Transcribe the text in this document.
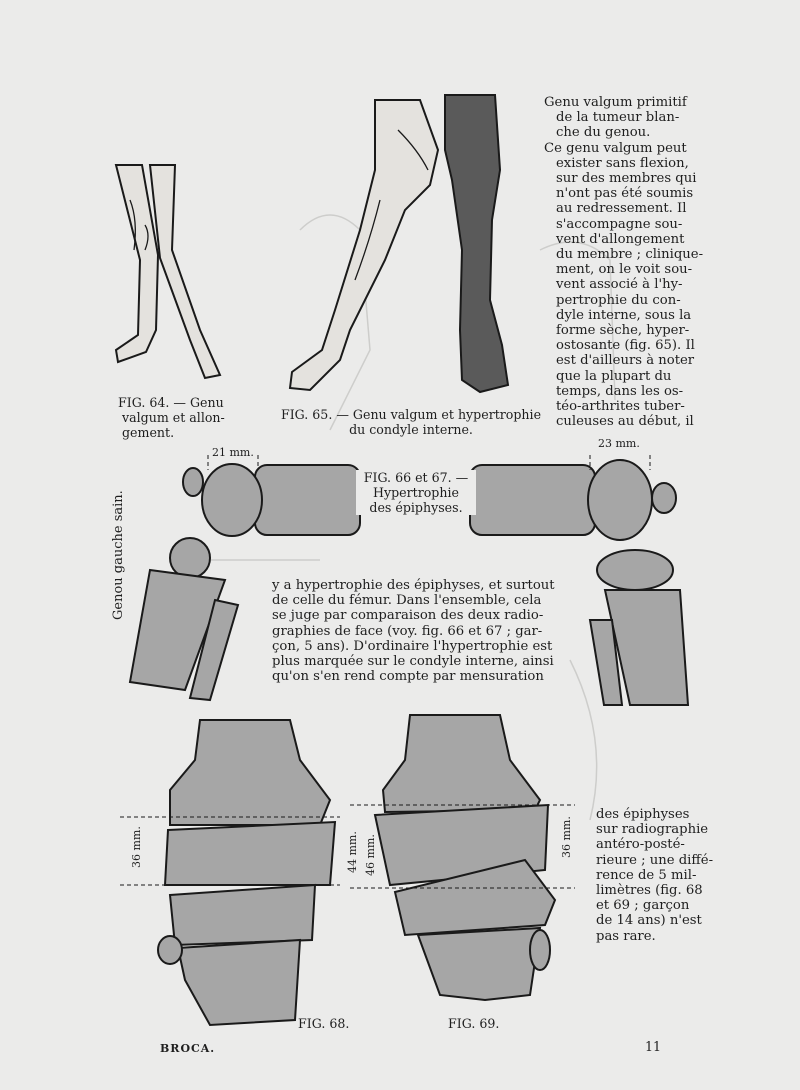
Genu valgum primitif
de la tumeur blan-
che du genou.
Ce genu valgum peut
exister sans flexion,
sur des membres qui
n'ont pas été soumis
au redressement. Il
s'accompagne sou-
vent d'allongement
du membre ; clinique-
ment, on le voit sou-
vent associé à l'hy-
pertrophie du con-
dyle interne, sous la
forme sèche, hyper-
ostosante (fig. 65). Il
est d'ailleurs à noter
que la plupart du
temps, dans les os-
téo-arthrites tuber-
culeuses au début, il
FIG. 64. — Genu
valgum et allon-
gement.
FIG. 65. — Genu valgum et hypertrophie
du condyle interne.
FIG. 66 et 67. —
Hypertrophie
des épiphyses.
Genou gauche sain.
21 mm.
23 mm.
36 mm.	44 mm. 46 mm.	36 mm.
y a hypertrophie des épiphyses, et surtout
de celle du fémur. Dans l'ensemble, cela
se juge par comparaison des deux radio-
graphies de face (voy. fig. 66 et 67 ; gar-
çon, 5 ans). D'ordinaire l'hypertrophie est
plus marquée sur le condyle interne, ainsi
qu'on s'en rend compte par mensuration
des épiphyses
sur radiographie
antéro-posté-
rieure ; une diffé-
rence de 5 mil-
limètres (fig. 68
et 69 ; garçon
de 14 ans) n'est
pas rare.
FIG. 68.	FIG. 69.
BROCA.	11
